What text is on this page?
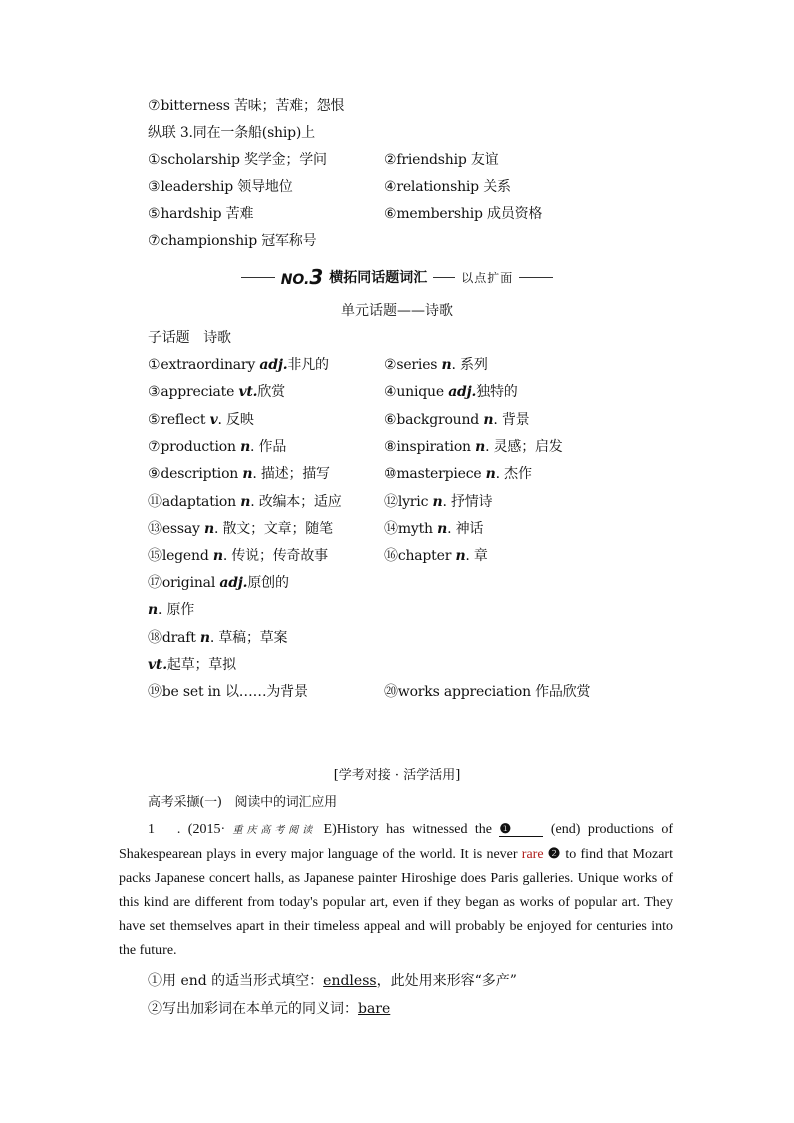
⑦bitterness 苦味；苦难；怨恨
纵联 3.同在一条船(ship)上
①scholarship 奖学金；学问	②friendship 友谊
③leadership 领导地位	④relationship 关系
⑤hardship 苦难	⑥membership 成员资格
⑦championship 冠军称号
NO.3 横拓同话题词汇	以点扩面
单元话题——诗歌
子话题　诗歌
①extraordinary adj.非凡的	②series n. 系列
③appreciate vt.欣赏	④unique adj.独特的
⑤reflect v. 反映	⑥background n. 背景
⑦production n. 作品	⑧inspiration n. 灵感；启发
⑨description n. 描述；描写	⑩masterpiece n. 杰作
⑪adaptation n. 改编本；适应	⑫lyric n. 抒情诗
⑬essay n. 散文；文章；随笔	⑭myth n. 神话
⑮legend n. 传说；传奇故事	⑯chapter n. 章
⑰original adj.原创的
n. 原作
⑱draft n. 草稿；草案
vt.起草；草拟
⑲be set in 以……为背景	⑳works appreciation 作品欣赏
[学考对接 · 活学活用]
高考采撷(一)　阅读中的词汇应用
1　. (2015· 重庆高考阅读 E)History has witnessed the ❶ (end) productions of Shakespearean plays in every major language of the world. It is never rare ❷ to find that Mozart packs Japanese concert halls, as Japanese painter Hiroshige does Paris galleries. Unique works of this kind are different from today's popular art, even if they began as works of popular art. They have set themselves apart in their timeless appeal and will probably be enjoyed for centuries into the future.
①用 end 的适当形式填空：endless，此处用来形容“多产”
②写出加彩词在本单元的同义词：bare
